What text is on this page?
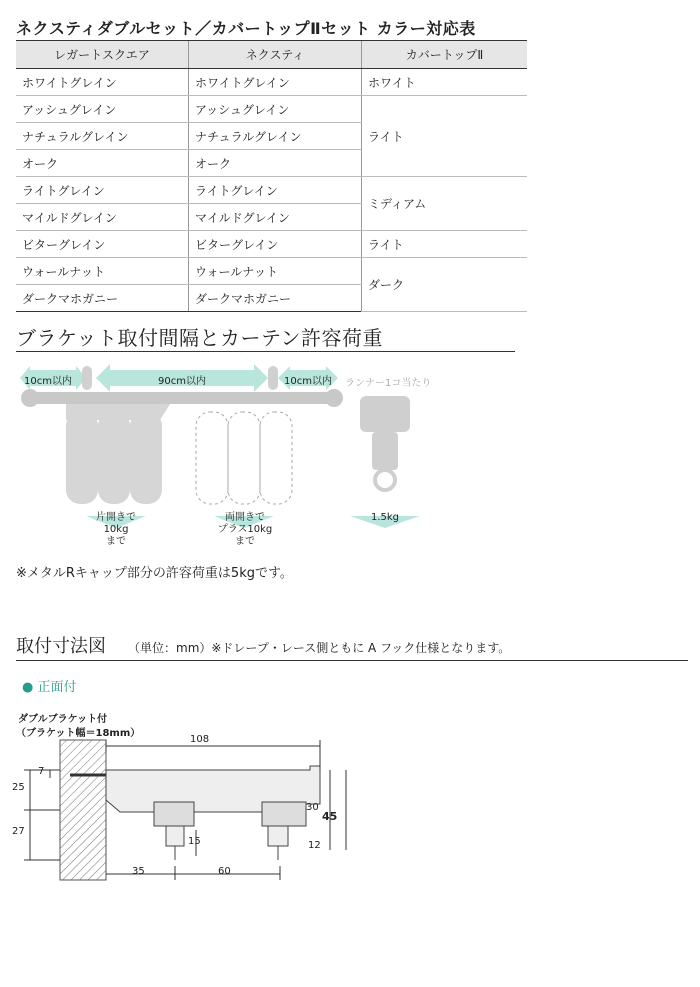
ネクスティダブルセット／カバートップⅡセット カラー対応表
レガートスクエア	ネクスティ	カバートップⅡ
ホワイトグレイン	ホワイトグレイン	ホワイト
アッシュグレイン	アッシュグレイン	ライト
ナチュラルグレイン	ナチュラルグレイン	
オーク	オーク	
ライトグレイン	ライトグレイン	ミディアム
マイルドグレイン	マイルドグレイン	
ビターグレイン	ビターグレイン	ライト
ウォールナット	ウォールナット	ダーク
ダークマホガニー	ダークマホガニー	
ブラケット取付間隔とカーテン許容荷重
10cm以内	90cm以内	10cm以内 ランナー1コ当たり
片開きで
10kg
まで
両開きで
プラス10kg
まで
1.5kg
※メタルRキャップ部分の許容荷重は5kgです。
取付寸法図 （単位：mm）※ドレープ・レース側ともに A フック仕様となります。
● 正面付
ダブルブラケット付
（ブラケット幅＝18mm）
108
7
25
27
30
45
15	12
35	60
